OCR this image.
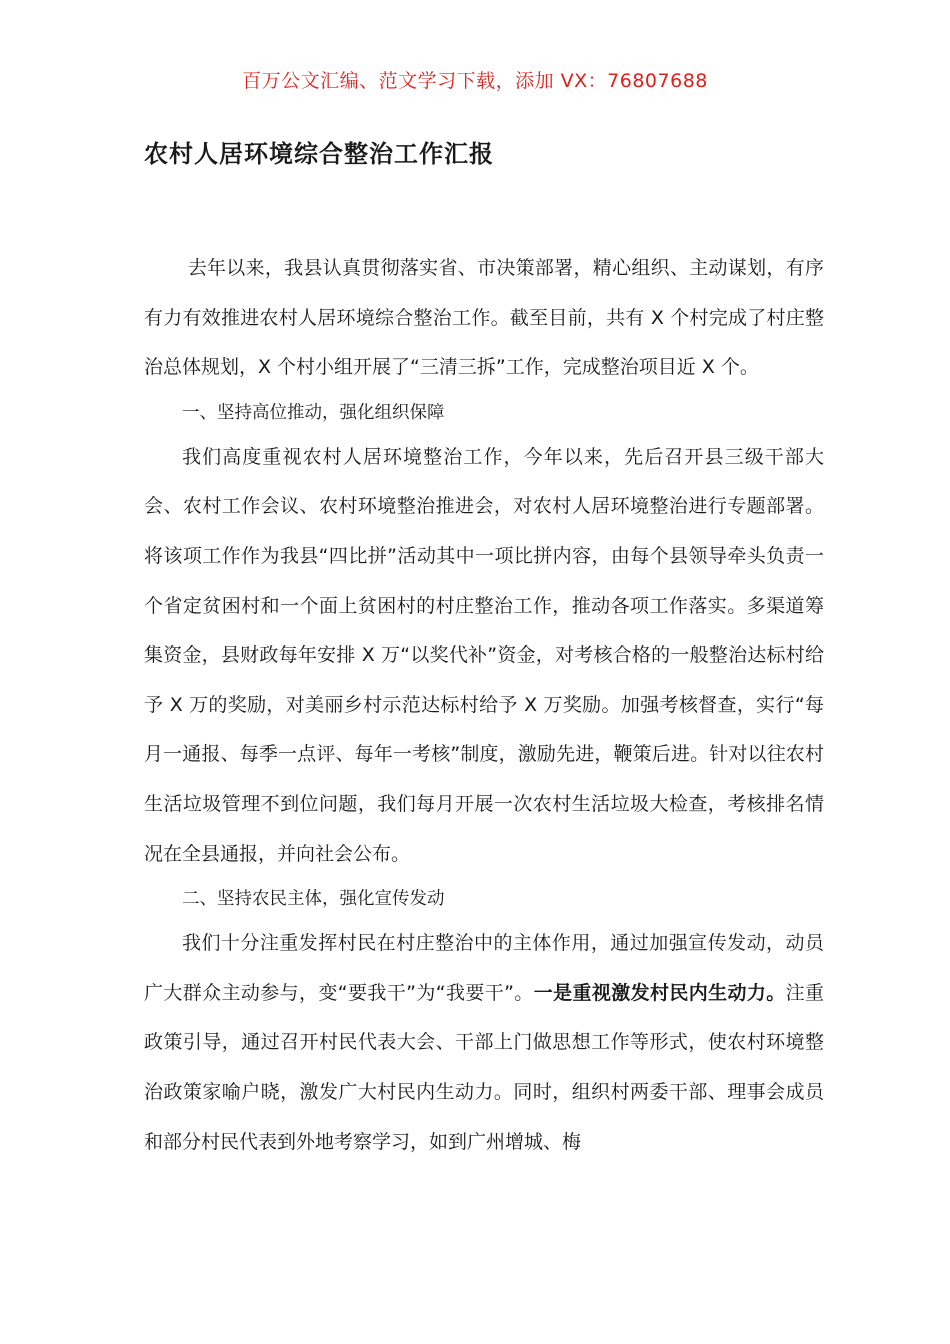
百万公文汇编、范文学习下载，添加 VX：76807688
农村人居环境综合整治工作汇报

去年以来，我县认真贯彻落实省、市决策部署，精心组织、主动谋划，有序有力有效推进农村人居环境综合整治工作。截至目前，共有 X 个村完成了村庄整治总体规划，X 个村小组开展了“三清三拆”工作，完成整治项目近 X 个。

一、坚持高位推动，强化组织保障

我们高度重视农村人居环境整治工作，今年以来，先后召开县三级干部大会、农村工作会议、农村环境整治推进会，对农村人居环境整治进行专题部署。将该项工作作为我县“四比拼”活动其中一项比拼内容，由每个县领导牵头负责一个省定贫困村和一个面上贫困村的村庄整治工作，推动各项工作落实。多渠道筹集资金，县财政每年安排 X 万“以奖代补”资金，对考核合格的一般整治达标村给予 X 万的奖励，对美丽乡村示范达标村给予 X 万奖励。加强考核督查，实行“每月一通报、每季一点评、每年一考核”制度，激励先进，鞭策后进。针对以往农村生活垃圾管理不到位问题，我们每月开展一次农村生活垃圾大检查，考核排名情况在全县通报，并向社会公布。

二、坚持农民主体，强化宣传发动

我们十分注重发挥村民在村庄整治中的主体作用，通过加强宣传发动，动员广大群众主动参与，变“要我干”为“我要干”。一是重视激发村民内生动力。注重政策引导，通过召开村民代表大会、干部上门做思想工作等形式，使农村环境整治政策家喻户晓，激发广大村民内生动力。同时，组织村两委干部、理事会成员和部分村民代表到外地考察学习，如到广州增城、梅
